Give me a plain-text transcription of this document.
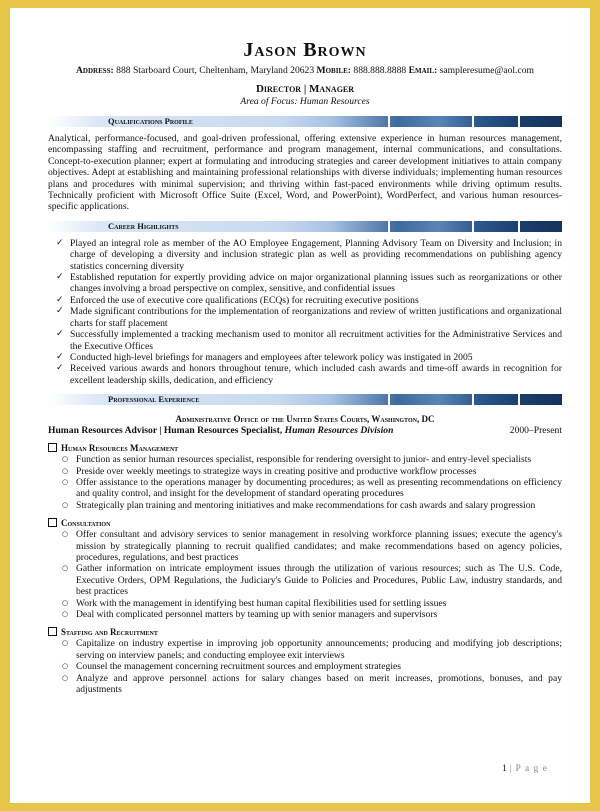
Jason Brown
Address: 888 Starboard Court, Cheltenham, Maryland 20623 Mobile: 888.888.8888 Email: sampleresume@aol.com
Director | Manager
Area of Focus: Human Resources
Qualifications Profile
Analytical, performance-focused, and goal-driven professional, offering extensive experience in human resources management, encompassing staffing and recruitment, performance and program management, internal communications, and consultations. Concept-to-execution planner; expert at formulating and introducing strategies and career development initiatives to attain company objectives. Adept at establishing and maintaining professional relationships with diverse individuals; implementing human resources plans and procedures with minimal supervision; and thriving within fast-paced environments while driving optimum results. Technically proficient with Microsoft Office Suite (Excel, Word, and PowerPoint), WordPerfect, and various human resources-specific applications.
Career Highlights
✓ Played an integral role as member of the AO Employee Engagement, Planning Advisory Team on Diversity and Inclusion; in charge of developing a diversity and inclusion strategic plan as well as providing recommendations on publishing agency statistics concerning diversity
✓ Established reputation for expertly providing advice on major organizational planning issues such as reorganizations or other changes involving a broad perspective on complex, sensitive, and confidential issues
✓ Enforced the use of executive core qualifications (ECQs) for recruiting executive positions
✓ Made significant contributions for the implementation of reorganizations and review of written justifications and organizational charts for staff placement
✓ Successfully implemented a tracking mechanism used to monitor all recruitment activities for the Administrative Services and the Executive Offices
✓ Conducted high-level briefings for managers and employees after telework policy was instigated in 2005
✓ Received various awards and honors throughout tenure, which included cash awards and time-off awards in recognition for excellent leadership skills, dedication, and efficiency
Professional Experience
Administrative Office of the United States Courts, Washington, DC
Human Resources Advisor | Human Resources Specialist, Human Resources Division	2000–Present
Human Resources Management
○ Function as senior human resources specialist, responsible for rendering oversight to junior- and entry-level specialists
○ Preside over weekly meetings to strategize ways in creating positive and productive workflow processes
○ Offer assistance to the operations manager by documenting procedures; as well as presenting recommendations on efficiency and quality control, and insight for the development of standard operating procedures
○ Strategically plan training and mentoring initiatives and make recommendations for cash awards and salary progression
Consultation
○ Offer consultant and advisory services to senior management in resolving workforce planning issues; execute the agency's mission by strategically planning to recruit qualified candidates; and make recommendations based on agency policies, procedures, regulations, and best practices
○ Gather information on intricate employment issues through the utilization of various resources; such as The U.S. Code, Executive Orders, OPM Regulations, the Judiciary's Guide to Policies and Procedures, Public Law, industry standards, and best practices
○ Work with the management in identifying best human capital flexibilities used for settling issues
○ Deal with complicated personnel matters by teaming up with senior managers and supervisors
Staffing and Recruitment
○ Capitalize on industry expertise in improving job opportunity announcements; producing and modifying job descriptions; serving on interview panels; and conducting employee exit interviews
○ Counsel the management concerning recruitment sources and employment strategies
○ Analyze and approve personnel actions for salary changes based on merit increases, promotions, bonuses, and pay adjustments
1 | P a g e
